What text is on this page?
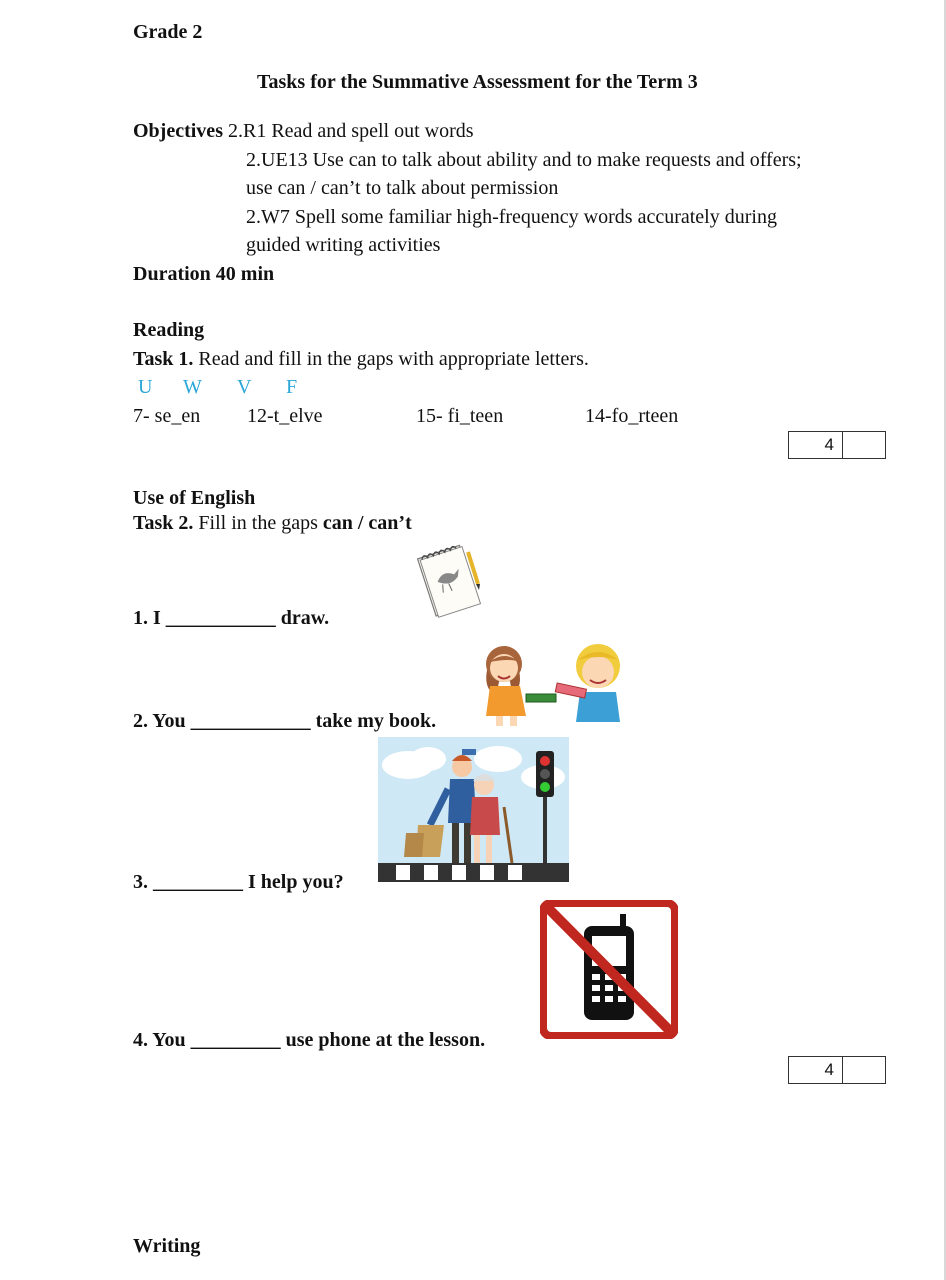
Grade 2
Tasks for the Summative Assessment for the Term 3
Objectives 2.R1 Read and spell out words
2.UE13 Use can to talk about ability and to make requests and offers;
use can / can’t to talk about permission
2.W7 Spell some familiar high-frequency words accurately during
guided writing activities
Duration 40 min
Reading
Task 1. Read and fill in the gaps with appropriate letters.
U W V F
7- se_en 12-t_elve	15- fi_teen	14-fo_rteen
4
Use of English
Task 2. Fill in the gaps can / can’t
1. I ___________ draw.
2. You ____________ take my book.
3. _________ I help you?
4. You _________ use phone at the lesson.
4
Writing
